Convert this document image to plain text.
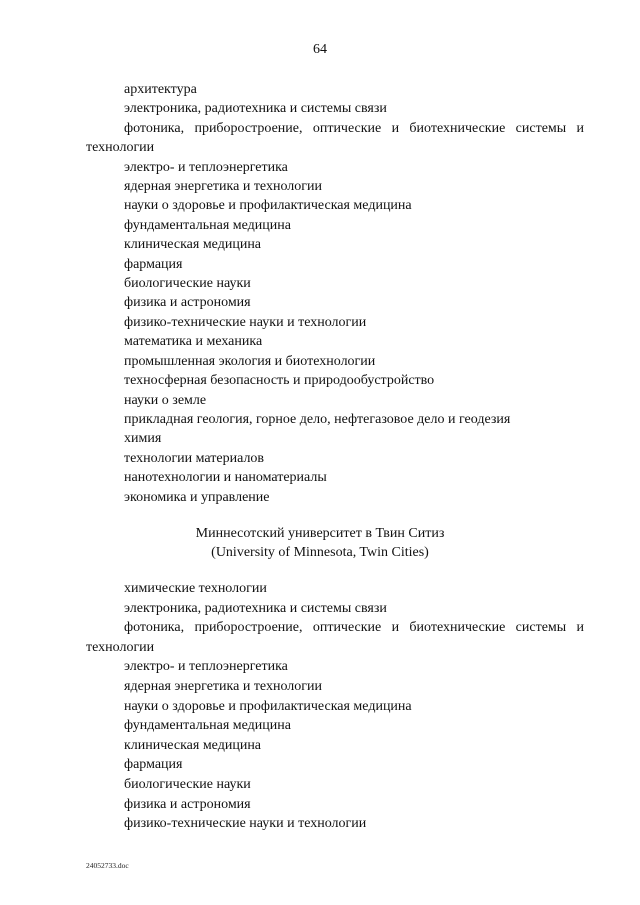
64
архитектура
электроника, радиотехника и системы связи
фотоника, приборостроение, оптические и биотехнические системы и технологии
электро- и теплоэнергетика
ядерная энергетика и технологии
науки о здоровье и профилактическая медицина
фундаментальная медицина
клиническая медицина
фармация
биологические науки
физика и астрономия
физико-технические науки и технологии
математика и механика
промышленная экология и биотехнологии
техносферная безопасность и природообустройство
науки о земле
прикладная геология, горное дело, нефтегазовое дело и геодезия
химия
технологии материалов
нанотехнологии и наноматериалы
экономика и управление
Миннесотский университет в Твин Ситиз
(University of Minnesota, Twin Cities)
химические технологии
электроника, радиотехника и системы связи
фотоника, приборостроение, оптические и биотехнические системы и технологии
электро- и теплоэнергетика
ядерная энергетика и технологии
науки о здоровье и профилактическая медицина
фундаментальная медицина
клиническая медицина
фармация
биологические науки
физика и астрономия
физико-технические науки и технологии
24052733.doc
